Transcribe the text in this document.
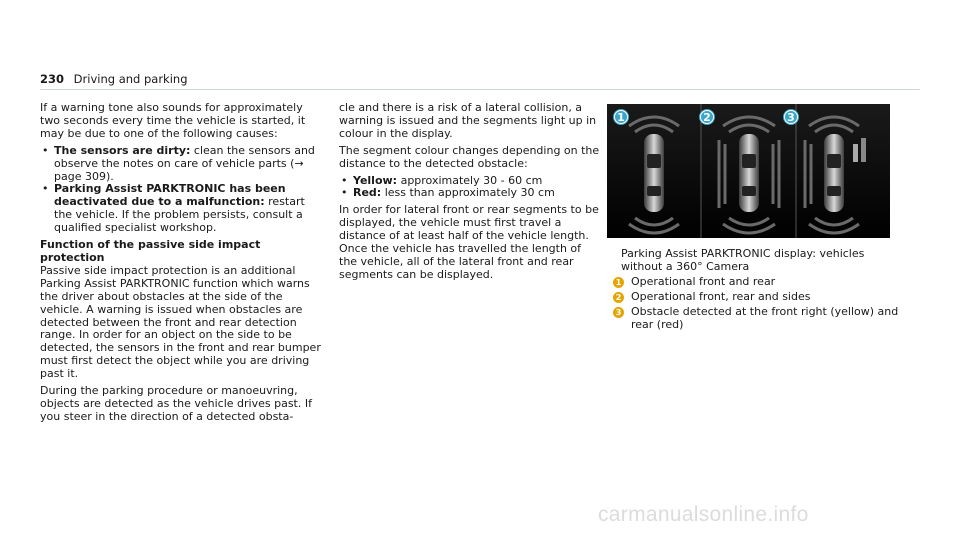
230 Driving and parking

If a warning tone also sounds for approximately two seconds every time the vehicle is started, it may be due to one of the following causes:

• The sensors are dirty: clean the sensors and observe the notes on care of vehicle parts (→ page 309).
• Parking Assist PARKTRONIC has been deactivated due to a malfunction: restart the vehicle. If the problem persists, consult a qualified specialist workshop.

Function of the passive side impact protection

Passive side impact protection is an additional Parking Assist PARKTRONIC function which warns the driver about obstacles at the side of the vehicle. A warning is issued when obstacles are detected between the front and rear detection range. In order for an object on the side to be detected, the sensors in the front and rear bumper must first detect the object while you are driving past it.

During the parking procedure or manoeuvring, objects are detected as the vehicle drives past. If you steer in the direction of a detected obsta-

cle and there is a risk of a lateral collision, a warning is issued and the segments light up in colour in the display.

The segment colour changes depending on the distance to the detected obstacle:

• Yellow: approximately 30 - 60 cm
• Red: less than approximately 30 cm

In order for lateral front or rear segments to be displayed, the vehicle must first travel a distance of at least half of the vehicle length. Once the vehicle has travelled the length of the vehicle, all of the lateral front and rear segments can be displayed.

1	2	3
Parking Assist PARKTRONIC display: vehicles without a 360° Camera
1 Operational front and rear
2 Operational front, rear and sides
3 Obstacle detected at the front right (yellow) and rear (red)
carmanualsonline.info
